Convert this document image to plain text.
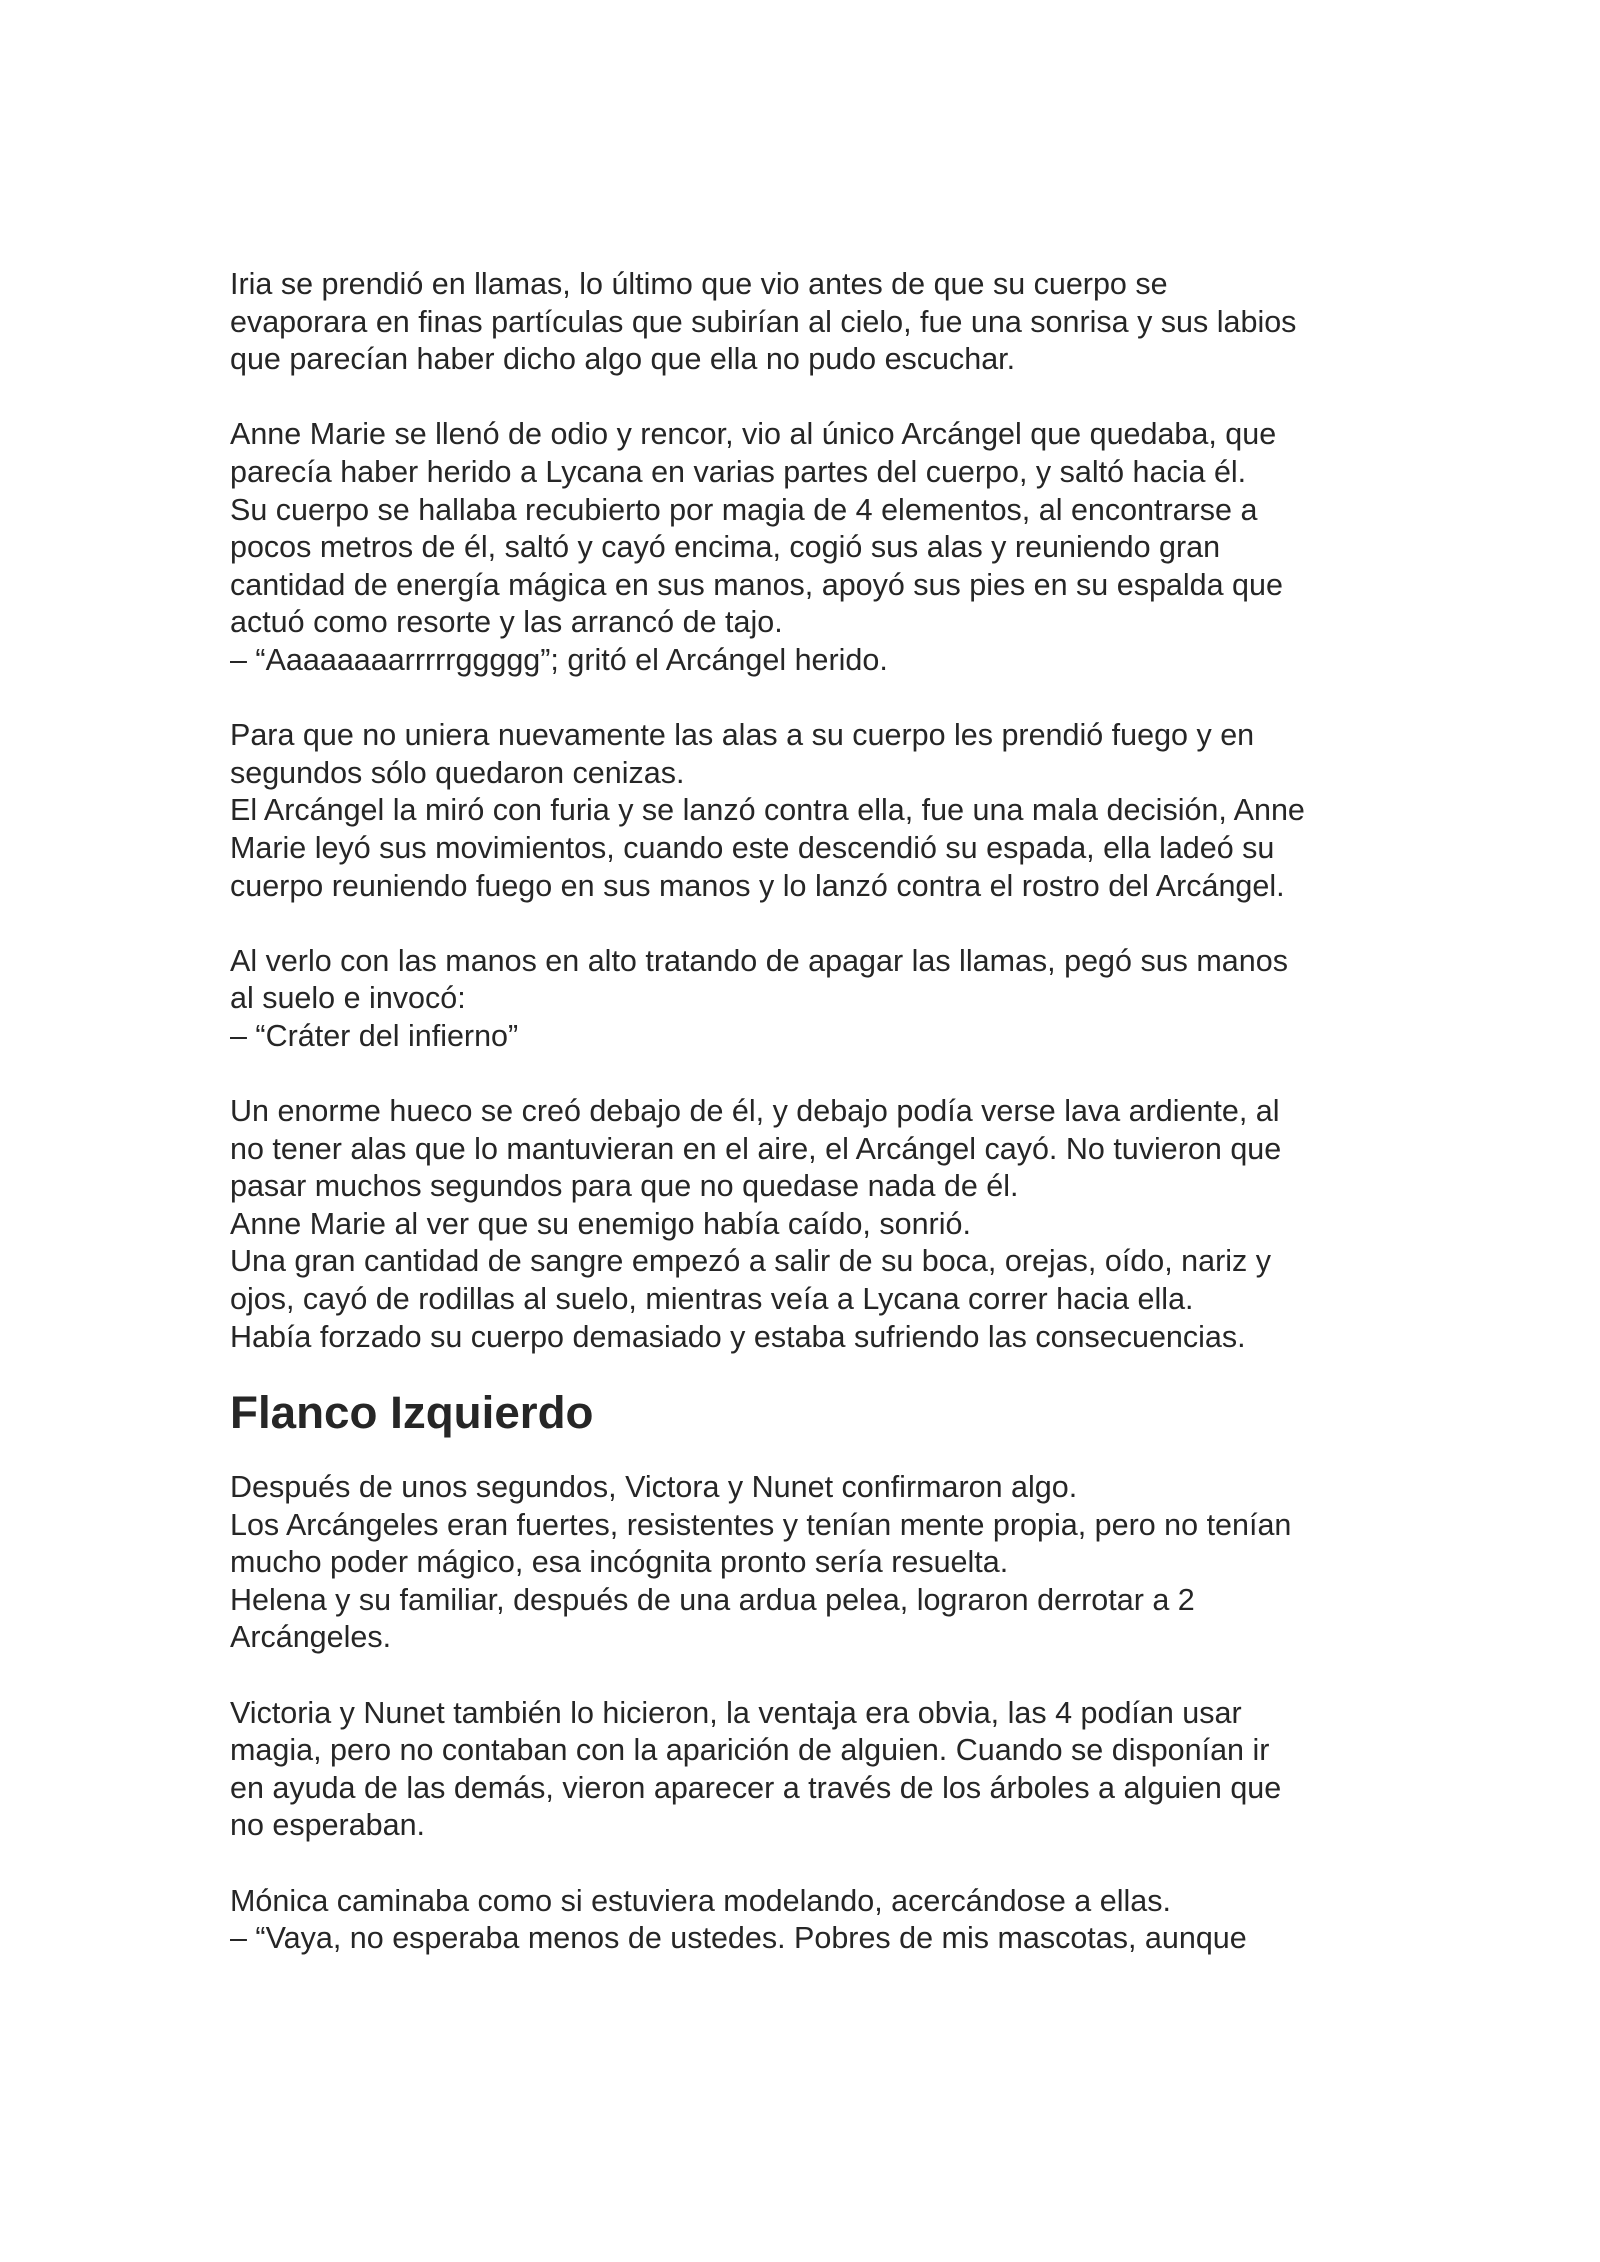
Iria se prendió en llamas, lo último que vio antes de que su cuerpo se
evaporara en finas partículas que subirían al cielo, fue una sonrisa y sus labios
que parecían haber dicho algo que ella no pudo escuchar.

Anne Marie se llenó de odio y rencor, vio al único Arcángel que quedaba, que
parecía haber herido a Lycana en varias partes del cuerpo, y saltó hacia él.
Su cuerpo se hallaba recubierto por magia de 4 elementos, al encontrarse a
pocos metros de él, saltó y cayó encima, cogió sus alas y reuniendo gran
cantidad de energía mágica en sus manos, apoyó sus pies en su espalda que
actuó como resorte y las arrancó de tajo.
– “Aaaaaaaarrrrrggggg”; gritó el Arcángel herido.

Para que no uniera nuevamente las alas a su cuerpo les prendió fuego y en
segundos sólo quedaron cenizas.
El Arcángel la miró con furia y se lanzó contra ella, fue una mala decisión, Anne
Marie leyó sus movimientos, cuando este descendió su espada, ella ladeó su
cuerpo reuniendo fuego en sus manos y lo lanzó contra el rostro del Arcángel.

Al verlo con las manos en alto tratando de apagar las llamas, pegó sus manos
al suelo e invocó:
– “Cráter del infierno”

Un enorme hueco se creó debajo de él, y debajo podía verse lava ardiente, al
no tener alas que lo mantuvieran en el aire, el Arcángel cayó. No tuvieron que
pasar muchos segundos para que no quedase nada de él.
Anne Marie al ver que su enemigo había caído, sonrió.
Una gran cantidad de sangre empezó a salir de su boca, orejas, oído, nariz y
ojos, cayó de rodillas al suelo, mientras veía a Lycana correr hacia ella.
Había forzado su cuerpo demasiado y estaba sufriendo las consecuencias.

Flanco Izquierdo

Después de unos segundos, Victora y Nunet confirmaron algo.
Los Arcángeles eran fuertes, resistentes y tenían mente propia, pero no tenían
mucho poder mágico, esa incógnita pronto sería resuelta.
Helena y su familiar, después de una ardua pelea, lograron derrotar a 2
Arcángeles.

Victoria y Nunet también lo hicieron, la ventaja era obvia, las 4 podían usar
magia, pero no contaban con la aparición de alguien. Cuando se disponían ir
en ayuda de las demás, vieron aparecer a través de los árboles a alguien que
no esperaban.

Mónica caminaba como si estuviera modelando, acercándose a ellas.
– “Vaya, no esperaba menos de ustedes. Pobres de mis mascotas, aunque
